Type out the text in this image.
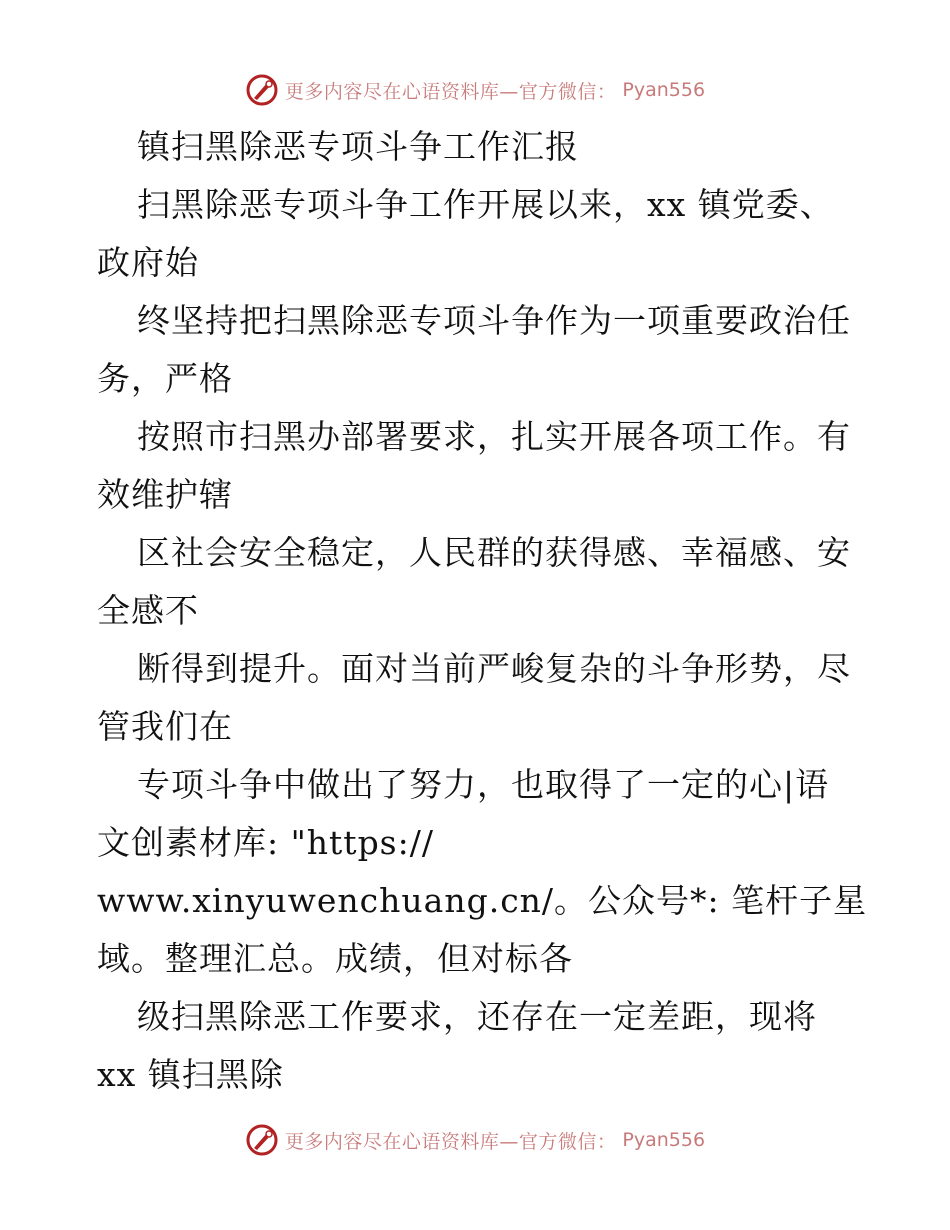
更多内容尽在心语资料库—官方微信： Pyan556
镇扫黑除恶专项斗争工作汇报
扫黑除恶专项斗争工作开展以来，xx 镇党委、
政府始
终坚持把扫黑除恶专项斗争作为一项重要政治任
务，严格
按照市扫黑办部署要求，扎实开展各项工作。有
效维护辖
区社会安全稳定，人民群的获得感、幸福感、安
全感不
断得到提升。面对当前严峻复杂的斗争形势，尽
管我们在
专项斗争中做出了努力，也取得了一定的心|语
文创素材库: "https://
www.xinyuwenchuang.cn/。公众号*: 笔杆子星
域。整理汇总。成绩，但对标各
级扫黑除恶工作要求，还存在一定差距，现将
xx 镇扫黑除
更多内容尽在心语资料库—官方微信： Pyan556
